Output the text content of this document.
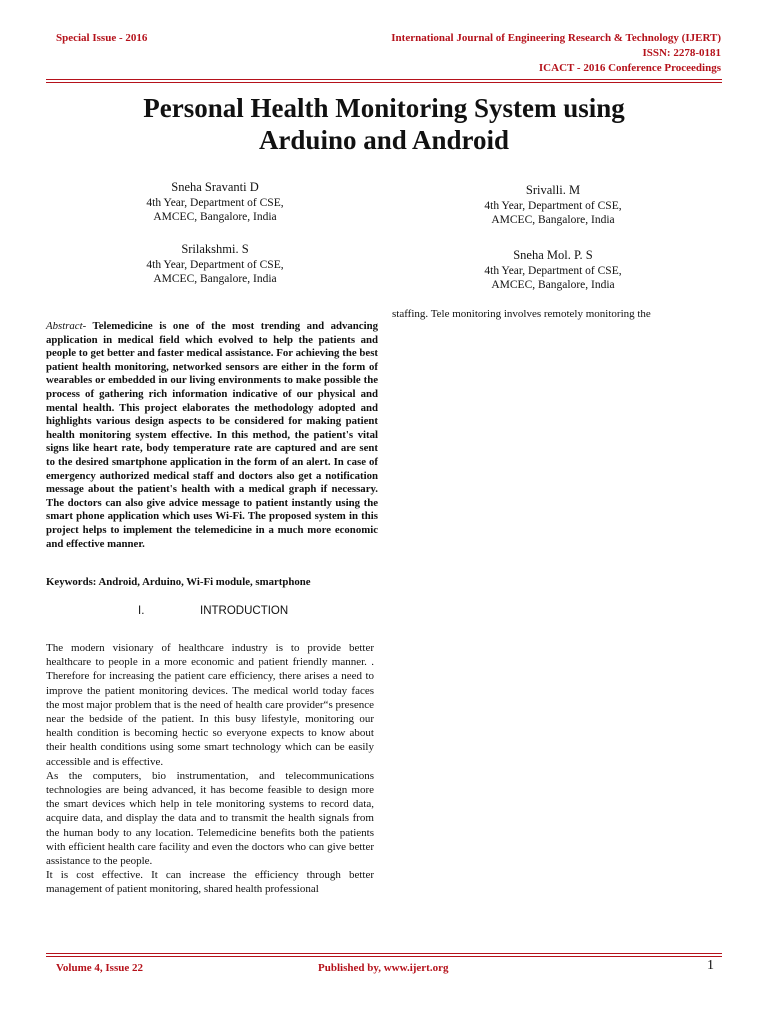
Special Issue - 2016	International Journal of Engineering Research & Technology (IJERT)
ISSN: 2278-0181
ICACT - 2016 Conference Proceedings
Personal Health Monitoring System using
Arduino and Android
Sneha Sravanti D
4th Year, Department of CSE,
AMCEC, Bangalore, India
Srilakshmi. S
4th Year, Department of CSE,
AMCEC, Bangalore, India
Srivalli. M
4th Year, Department of CSE,
AMCEC, Bangalore, India
Sneha Mol. P. S
4th Year, Department of CSE,
AMCEC, Bangalore, India
Abstract- Telemedicine is one of the most trending and advancing application in medical field which evolved to help the patients and people to get better and faster medical assistance. For achieving the best patient health monitoring, networked sensors are either in the form of wearables or embedded in our living environments to make possible the process of gathering rich information indicative of our physical and mental health. This project elaborates the methodology adopted and highlights various design aspects to be considered for making patient health monitoring system effective. In this method, the patient's vital signs like heart rate, body temperature rate are captured and are sent to the desired smartphone application in the form of an alert. In case of emergency authorized medical staff and doctors also get a notification message about the patient's health with a medical graph if necessary. The doctors can also give advice message to patient instantly using the smart phone application which uses Wi-Fi. The proposed system in this project helps to implement the telemedicine in a much more economic and effective manner.
Keywords: Android, Arduino, Wi-Fi module, smartphone
I.	INTRODUCTION

The modern visionary of healthcare industry is to provide better healthcare to people in a more economic and patient friendly manner. . Therefore for increasing the patient care efficiency, there arises a need to improve the patient monitoring devices. The medical world today faces the most major problem that is the need of health care provider“s presence near the bedside of the patient. In this busy lifestyle, monitoring our health condition is becoming hectic so everyone expects to know about their health conditions using some smart technology which can be easily accessible and is effective.

As the computers, bio instrumentation, and telecommunications technologies are being advanced, it has become feasible to design more the smart devices which help in tele monitoring systems to record data, acquire data, and display the data and to transmit the health signals from the human body to any location. Telemedicine benefits both the patients with efficient health care facility and even the doctors who can give better assistance to the people.

It is cost effective. It can increase the efficiency through better management of patient monitoring, shared health professional

staffing. Tele monitoring involves remotely monitoring the
Volume 4, Issue 22	Published by, www.ijert.org	1
